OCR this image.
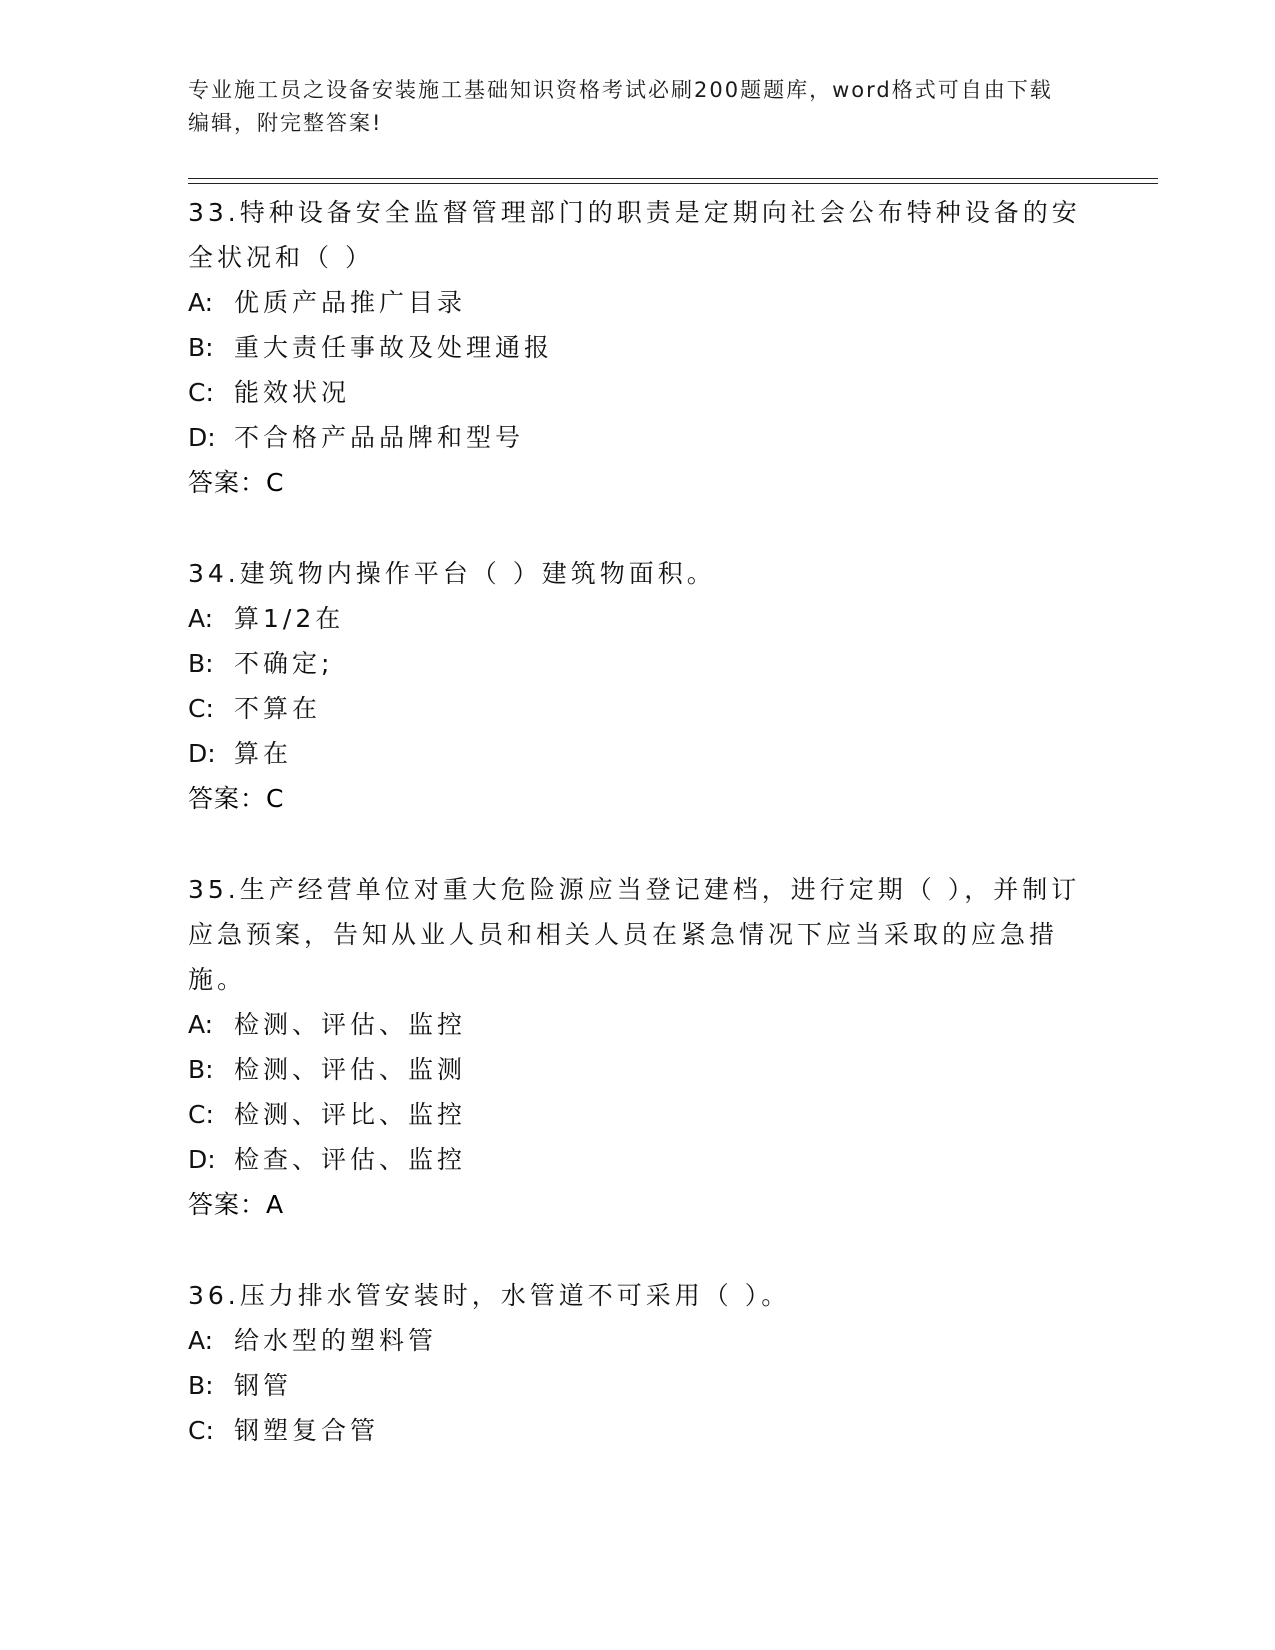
专业施工员之设备安装施工基础知识资格考试必刷200题题库，word格式可自由下载编辑，附完整答案!
33.特种设备安全监督管理部门的职责是定期向社会公布特种设备的安全状况和（ ）
A: 优质产品推广目录
B: 重大责任事故及处理通报
C: 能效状况
D: 不合格产品品牌和型号
答案：C
34.建筑物内操作平台（ ）建筑物面积。
A: 算1/2在
B: 不确定;
C: 不算在
D: 算在
答案：C
35.生产经营单位对重大危险源应当登记建档，进行定期（ ），并制订应急预案，告知从业人员和相关人员在紧急情况下应当采取的应急措施。
A: 检测、评估、监控
B: 检测、评估、监测
C: 检测、评比、监控
D: 检查、评估、监控
答案：A
36.压力排水管安装时，水管道不可采用（ ）。
A: 给水型的塑料管
B: 钢管
C: 钢塑复合管
